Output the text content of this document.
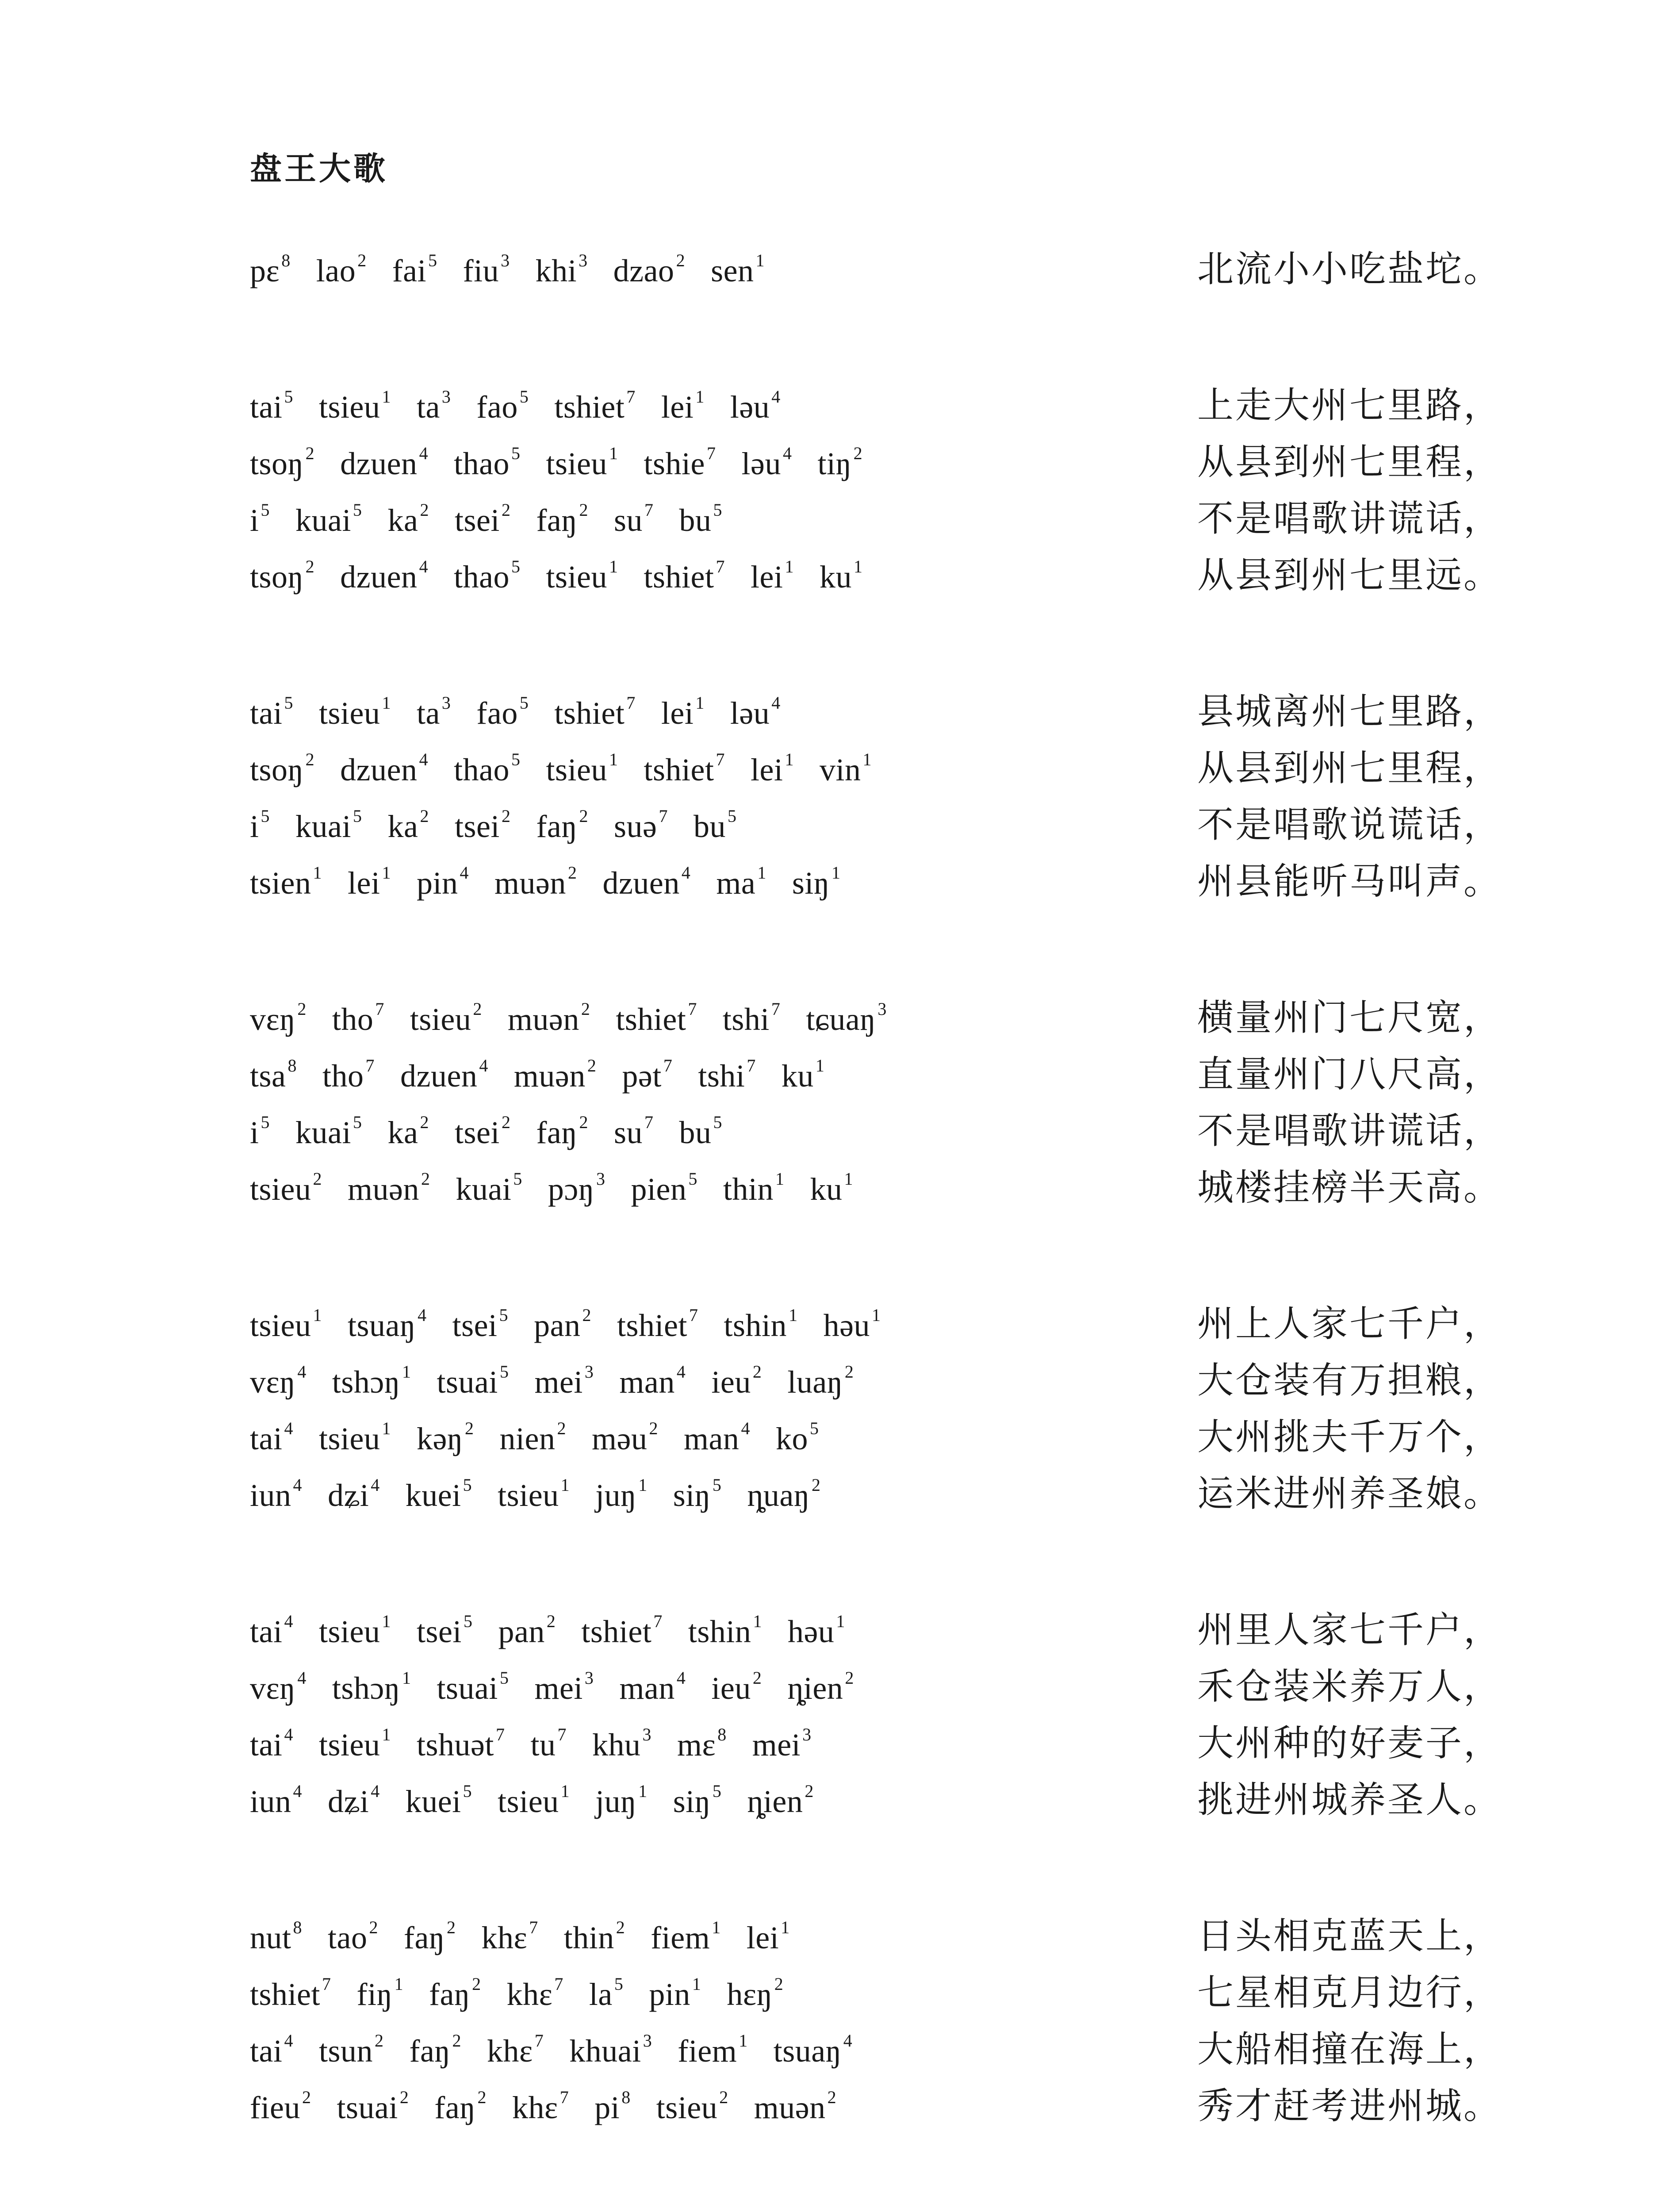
盘王大歌
pɛ $^8$ lao $^2$ fai $^5$ fiu $^3$ khi $^3$ dzao $^2$ sen $^1$	北流小小吃盐坨。
tai $^5$ tsieu $^1$ ta $^3$ fao $^5$ tshiet $^7$ lei $^1$ ləu $^4$	上走大州七里路，
tsoŋ $^2$ dzuen $^4$ thao $^5$ tsieu $^1$ tshie $^7$ ləu $^4$ tiŋ $^2$	从县到州七里程，
i $^5$ kuai $^5$ ka $^2$ tsei $^2$ faŋ $^2$ su $^7$ bu $^5$	不是唱歌讲谎话，
tsoŋ $^2$ dzuen $^4$ thao $^5$ tsieu $^1$ tshiet $^7$ lei $^1$ ku $^1$	从县到州七里远。
tai $^5$ tsieu $^1$ ta $^3$ fao $^5$ tshiet $^7$ lei $^1$ ləu $^4$	县城离州七里路，
tsoŋ $^2$ dzuen $^4$ thao $^5$ tsieu $^1$ tshiet $^7$ lei $^1$ vin $^1$	从县到州七里程，
i $^5$ kuai $^5$ ka $^2$ tsei $^2$ faŋ $^2$ suə $^7$ bu $^5$	不是唱歌说谎话，
tsien $^1$ lei $^1$ pin $^4$ muən $^2$ dzuen $^4$ ma $^1$ siŋ $^1$	州县能听马叫声。
vɛŋ $^2$ tho $^7$ tsieu $^2$ muən $^2$ tshiet $^7$ tshi $^7$ tɕuaŋ $^3$	横量州门七尺宽，
tsa $^8$ tho $^7$ dzuen $^4$ muən $^2$ pət $^7$ tshi $^7$ ku $^1$	直量州门八尺高，
i $^5$ kuai $^5$ ka $^2$ tsei $^2$ faŋ $^2$ su $^7$ bu $^5$	不是唱歌讲谎话，
tsieu $^2$ muən $^2$ kuai $^5$ pɔŋ $^3$ pien $^5$ thin $^1$ ku $^1$	城楼挂榜半天高。
tsieu $^1$ tsuaŋ $^4$ tsei $^5$ pan $^2$ tshiet $^7$ tshin $^1$ həu $^1$	州上人家七千户，
vɛŋ $^4$ tshɔŋ $^1$ tsuai $^5$ mei $^3$ man $^4$ ieu $^2$ luaŋ $^2$	大仓装有万担粮，
tai $^4$ tsieu $^1$ kəŋ $^2$ nien $^2$ məu $^2$ man $^4$ ko $^5$	大州挑夫千万个，
iun $^4$ dʑi $^4$ kuei $^5$ tsieu $^1$ juŋ $^1$ siŋ $^5$ ȵuaŋ $^2$	运米进州养圣娘。
tai $^4$ tsieu $^1$ tsei $^5$ pan $^2$ tshiet $^7$ tshin $^1$ həu $^1$	州里人家七千户，
vɛŋ $^4$ tshɔŋ $^1$ tsuai $^5$ mei $^3$ man $^4$ ieu $^2$ ȵien $^2$	禾仓装米养万人，
tai $^4$ tsieu $^1$ tshuət $^7$ tu $^7$ khu $^3$ mɛ $^8$ mei $^3$	大州种的好麦子，
iun $^4$ dʑi $^4$ kuei $^5$ tsieu $^1$ juŋ $^1$ siŋ $^5$ ȵien $^2$	挑进州城养圣人。
nut $^8$ tao $^2$ faŋ $^2$ khɛ $^7$ thin $^2$ fiem $^1$ lei $^1$	日头相克蓝天上，
tshiet $^7$ fiŋ $^1$ faŋ $^2$ khɛ $^7$ la $^5$ pin $^1$ hɛŋ $^2$	七星相克月边行，
tai $^4$ tsun $^2$ faŋ $^2$ khɛ $^7$ khuai $^3$ fiem $^1$ tsuaŋ $^4$	大船相撞在海上，
fieu $^2$ tsuai $^2$ faŋ $^2$ khɛ $^7$ pi $^8$ tsieu $^2$ muən $^2$	秀才赶考进州城。
